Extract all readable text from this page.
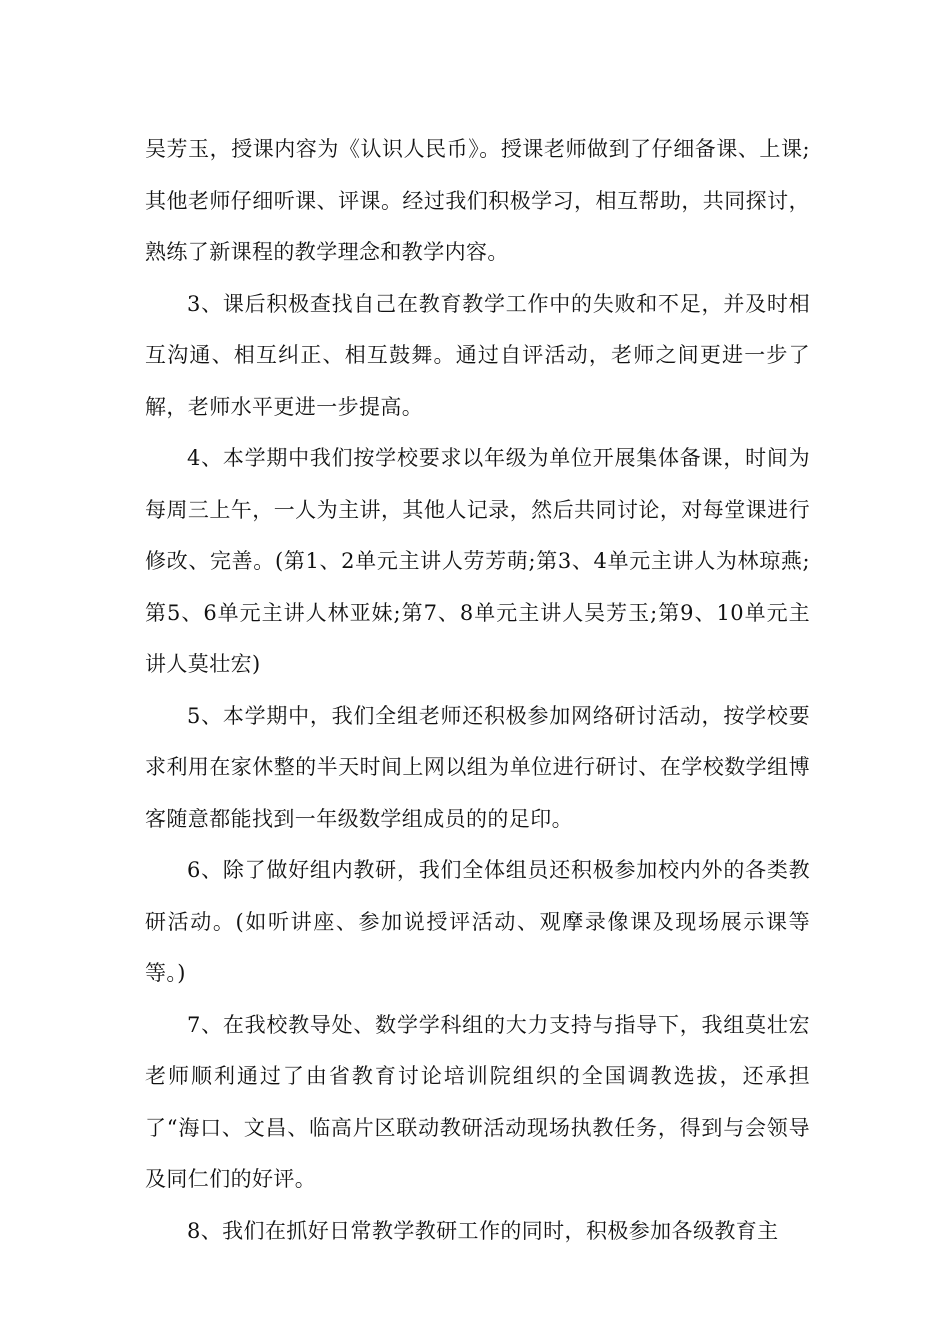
吴芳玉，授课内容为《认识人民币》。授课老师做到了仔细备课、上课;其他老师仔细听课、评课。经过我们积极学习，相互帮助，共同探讨，熟练了新课程的教学理念和教学内容。

3、课后积极查找自己在教育教学工作中的失败和不足，并及时相互沟通、相互纠正、相互鼓舞。通过自评活动，老师之间更进一步了解，老师水平更进一步提高。

4、本学期中我们按学校要求以年级为单位开展集体备课，时间为每周三上午，一人为主讲，其他人记录，然后共同讨论，对每堂课进行修改、完善。(第1、2单元主讲人劳芳萌;第3、4单元主讲人为林琼燕;第5、6单元主讲人林亚妹;第7、8单元主讲人吴芳玉;第9、10单元主讲人莫壮宏)

5、本学期中，我们全组老师还积极参加网络研讨活动，按学校要求利用在家休整的半天时间上网以组为单位进行研讨、在学校数学组博客随意都能找到一年级数学组成员的的足印。

6、除了做好组内教研，我们全体组员还积极参加校内外的各类教研活动。(如听讲座、参加说授评活动、观摩录像课及现场展示课等等。)

7、在我校教导处、数学学科组的大力支持与指导下，我组莫壮宏老师顺利通过了由省教育讨论培训院组织的全国调教选拔，还承担了“海口、文昌、临高片区联动教研活动现场执教任务，得到与会领导及同仁们的好评。

8、我们在抓好日常教学教研工作的同时，积极参加各级教育主
